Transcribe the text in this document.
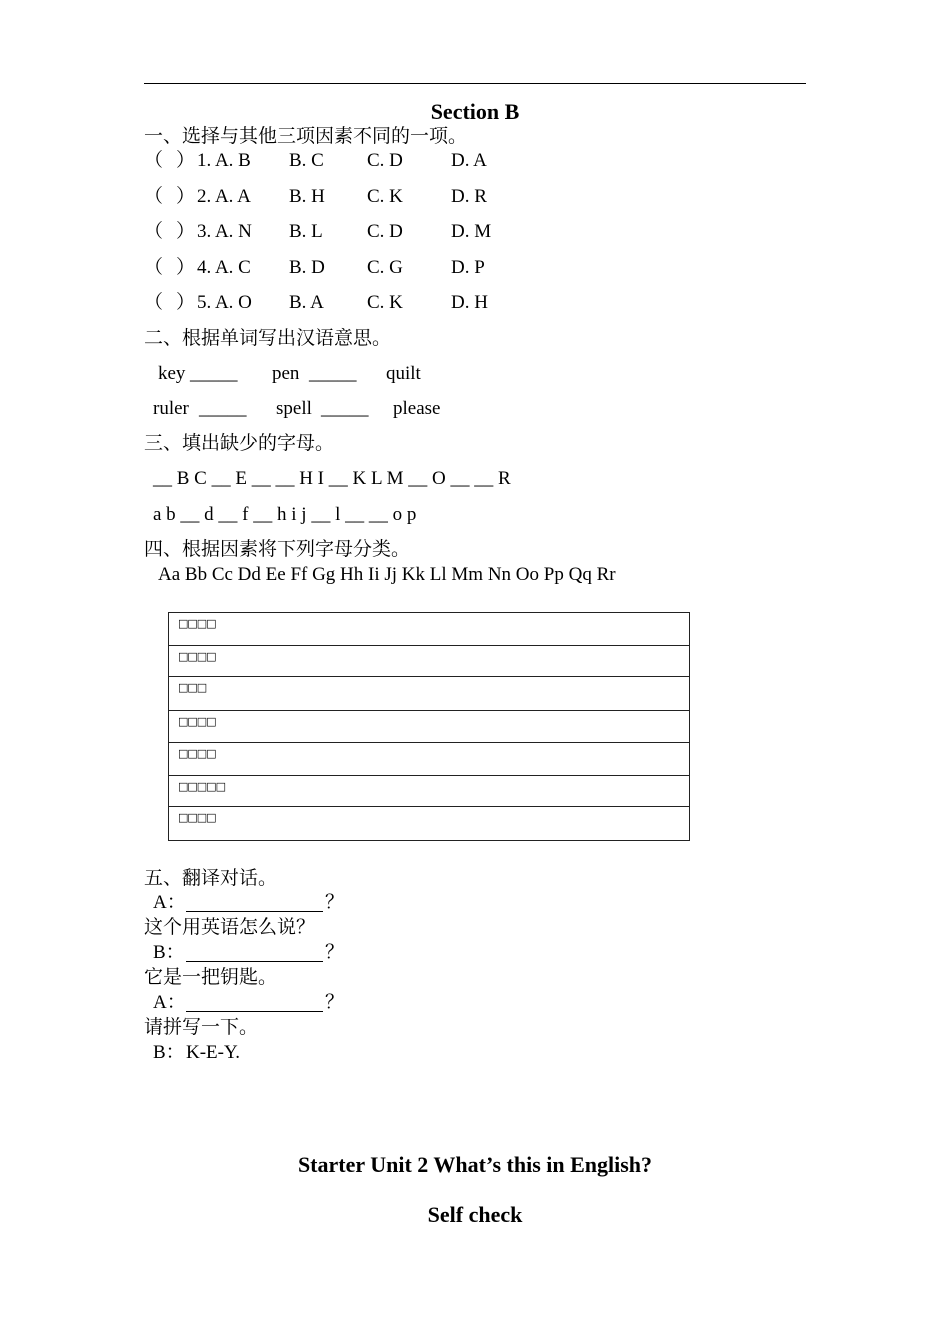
Section B
一、选择与其他三项因素不同的一项。
（ ） 1. A. B B. C C. D	D. A
（ ） 2. A. A B. H C. K	D. R
（ ） 3. A. N B. L C. D	D. M
（ ） 4. A. C B. D C. G	D. P
（ ） 5. A. O B. A C. K	D. H
二、根据单词写出汉语意思。
key _____ pen _____ quilt
ruler _____ spell _____ please
三、填出缺少的字母。
__ B C __ E __ __ H I __ K L M __ O __ __ R
a b __ d __ f __ h i j __ l __ __ o p
四、根据因素将下列字母分类。
Aa Bb Cc Dd Ee Ff Gg Hh Ii Jj Kk Ll Mm Nn Oo Pp Qq Rr
□□□□
□□□□
□□□
□□□□
□□□□
□□□□□
□□□□
五、翻译对话。
A：	？
这个用英语怎么说？
B：	？
它是一把钥匙。
A：	？
请拼写一下。
B： K-E-Y.
Starter Unit 2 What’s this in English?
Self check
